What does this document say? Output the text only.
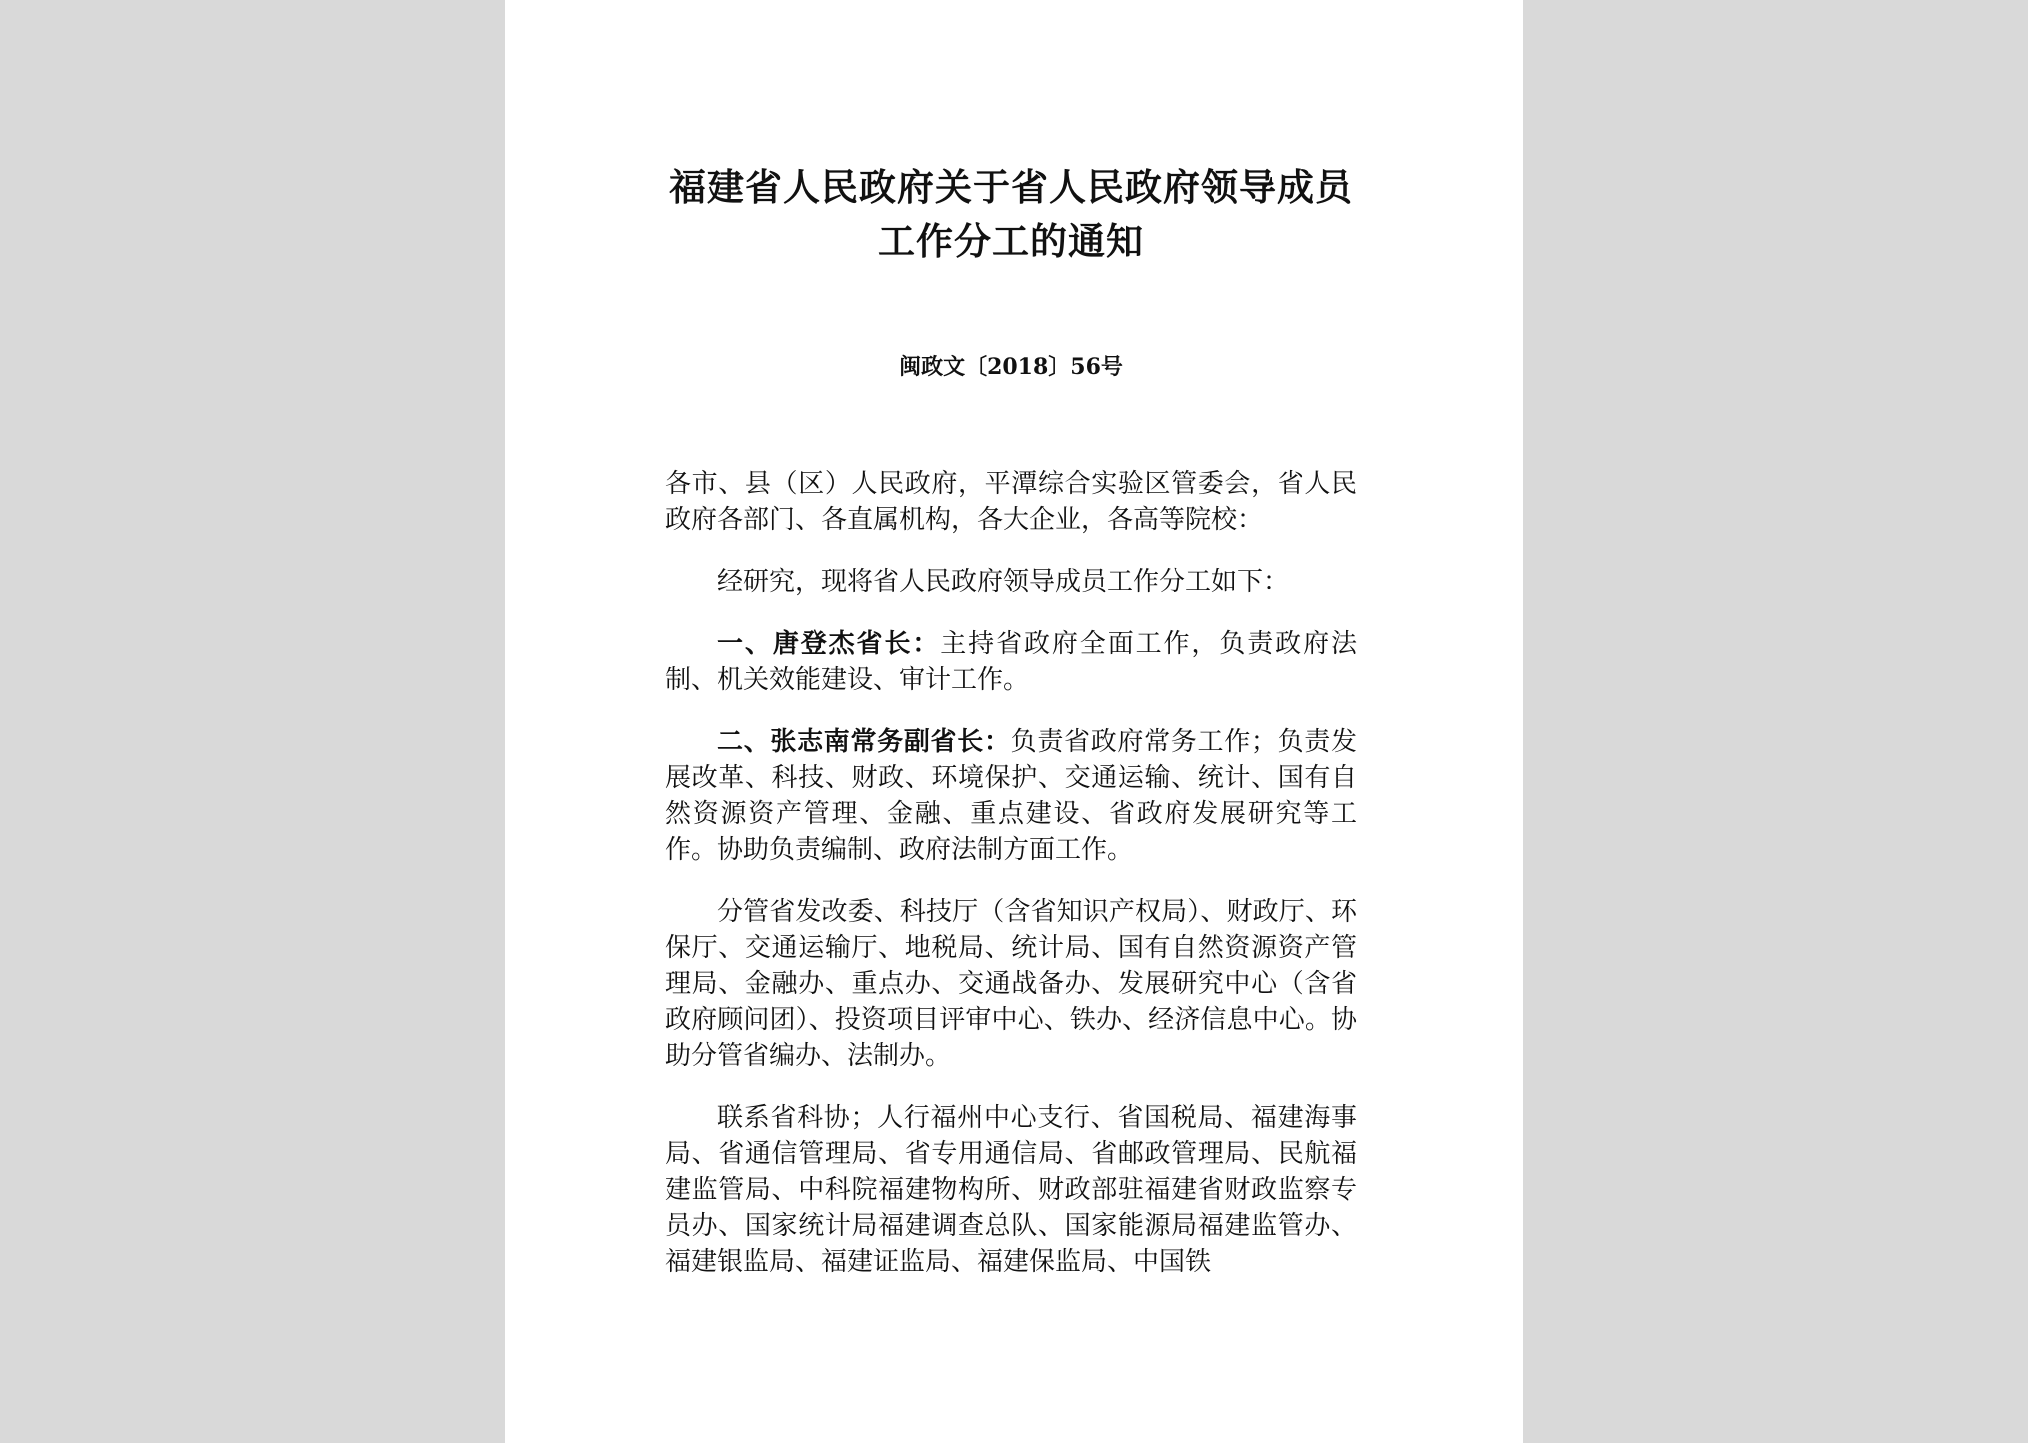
福建省人民政府关于省人民政府领导成员
工作分工的通知
闽政文〔2018〕56号

各市、县（区）人民政府，平潭综合实验区管委会，省人民政府各部门、各直属机构，各大企业，各高等院校：

经研究，现将省人民政府领导成员工作分工如下：

一、唐登杰省长：主持省政府全面工作，负责政府法制、机关效能建设、审计工作。

二、张志南常务副省长：负责省政府常务工作；负责发展改革、科技、财政、环境保护、交通运输、统计、国有自然资源资产管理、金融、重点建设、省政府发展研究等工作。协助负责编制、政府法制方面工作。

分管省发改委、科技厅（含省知识产权局）、财政厅、环保厅、交通运输厅、地税局、统计局、国有自然资源资产管理局、金融办、重点办、交通战备办、发展研究中心（含省政府顾问团）、投资项目评审中心、铁办、经济信息中心。协助分管省编办、法制办。

联系省科协；人行福州中心支行、省国税局、福建海事局、省通信管理局、省专用通信局、省邮政管理局、民航福建监管局、中科院福建物构所、财政部驻福建省财政监察专员办、国家统计局福建调查总队、国家能源局福建监管办、福建银监局、福建证监局、福建保监局、中国铁
